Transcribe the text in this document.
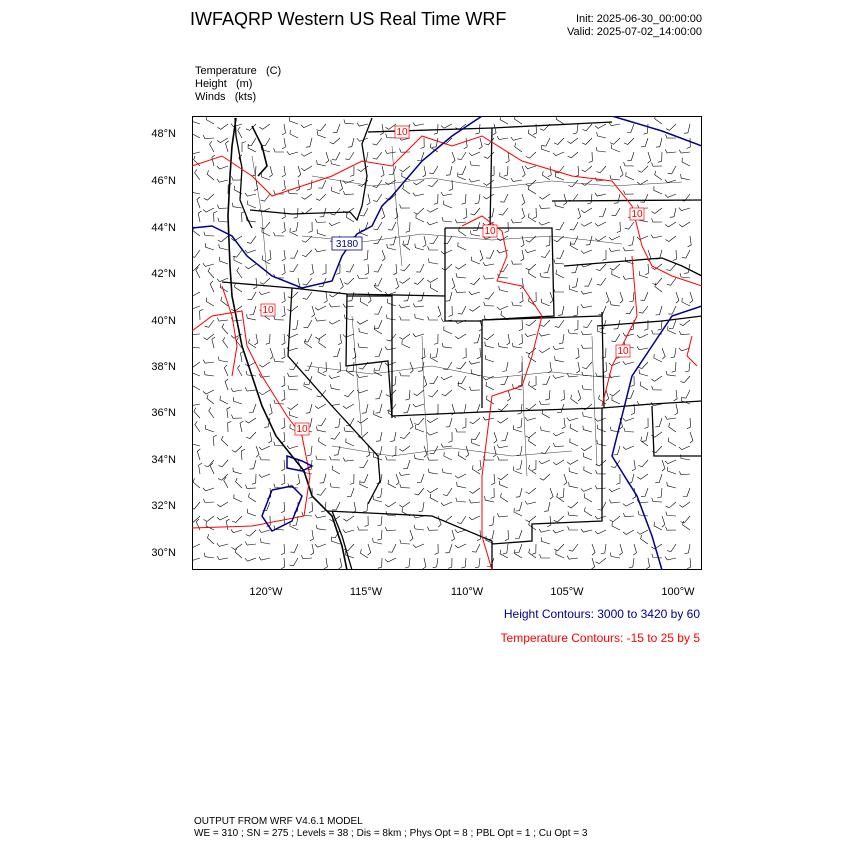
IWFAQRP Western US Real Time WRF	Init: 2025-06-30_00:00:00
Valid: 2025-07-02_14:00:00
Temperature (C)
Height (m)
Winds (kts)
48°N
46°N
44°N
42°N
40°N
38°N
36°N
34°N
32°N
30°N
120°W	115°W	110°W	105°W	100°W
3180
10
10
10
10
10
10
Height Contours: 3000 to 3420 by 60
Temperature Contours: -15 to 25 by 5
OUTPUT FROM WRF V4.6.1 MODEL
WE = 310 ; SN = 275 ; Levels = 38 ; Dis = 8km ; Phys Opt = 8 ; PBL Opt = 1 ; Cu Opt = 3
